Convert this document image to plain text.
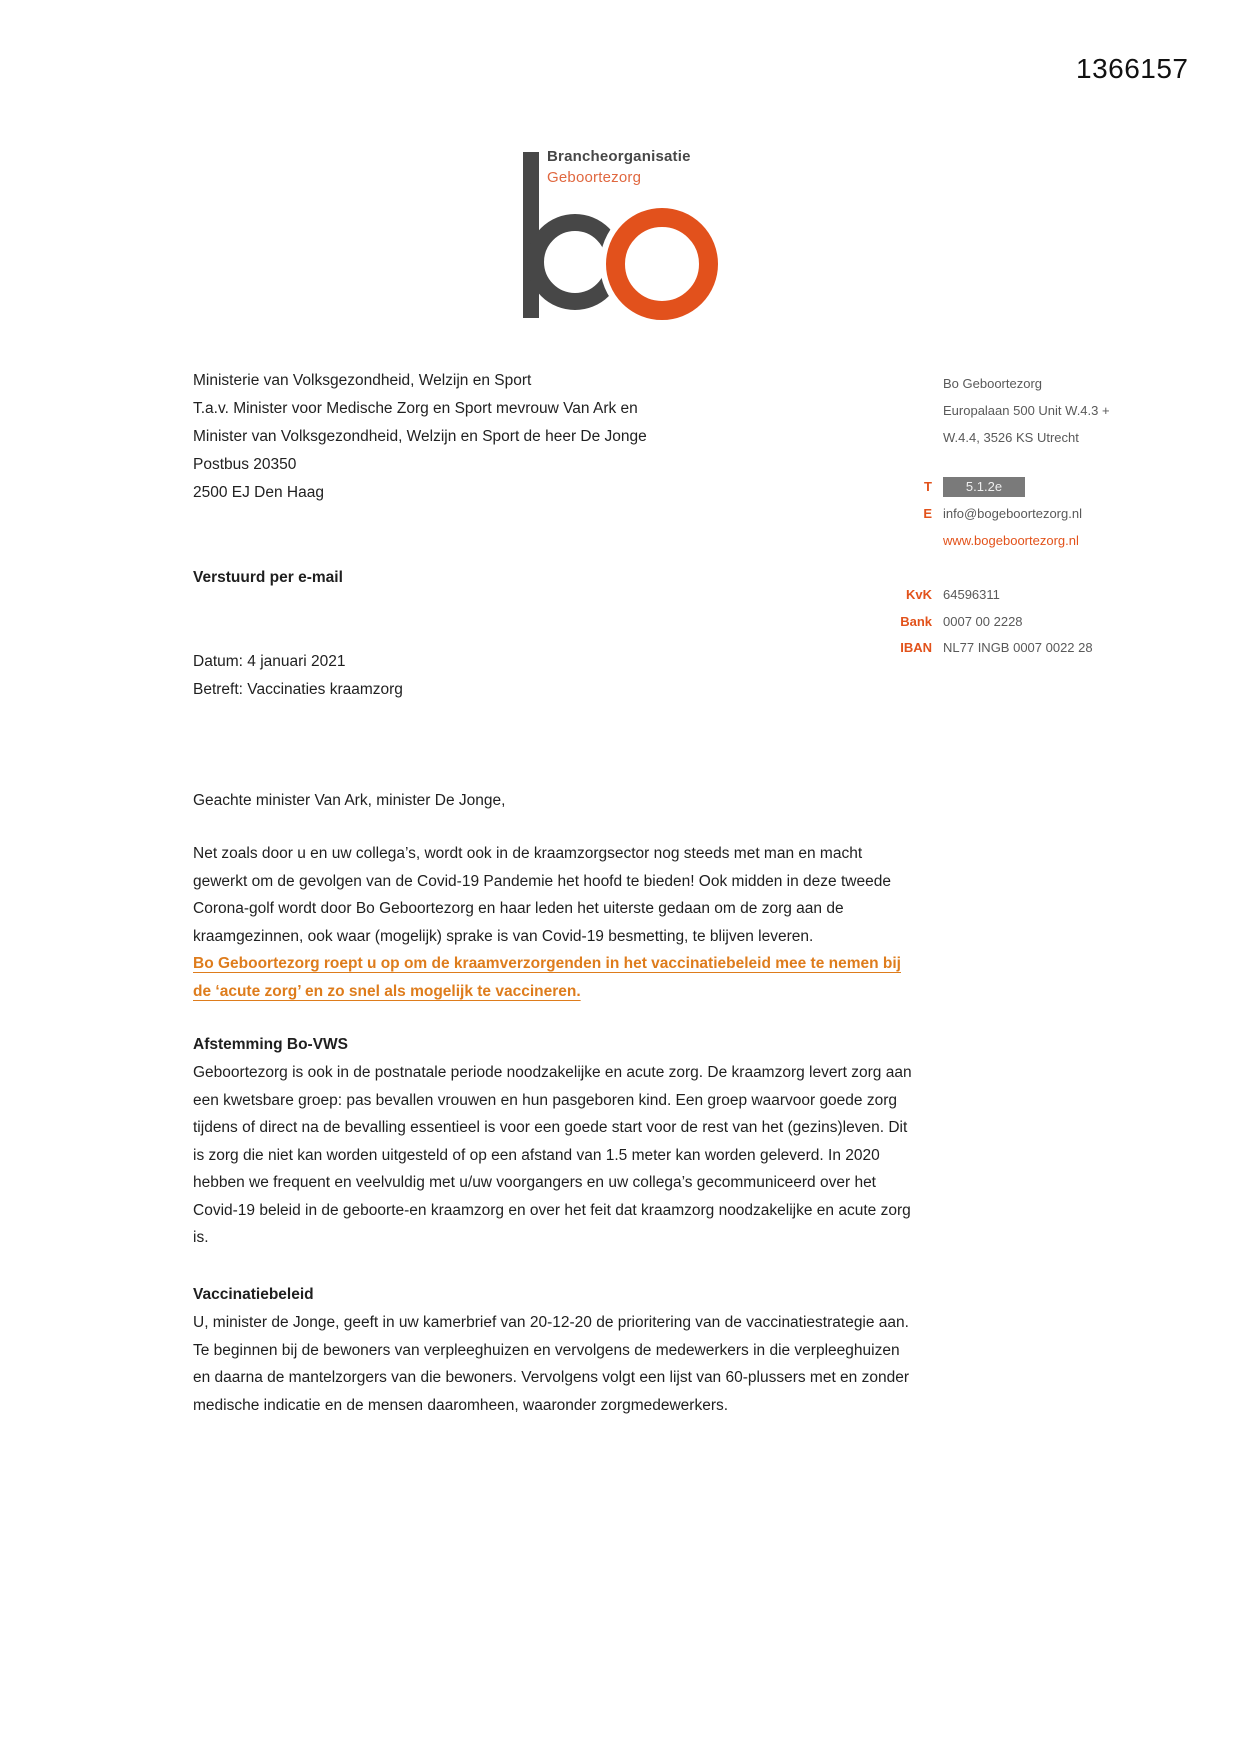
1366157
Brancheorganisatie
Geboortezorg
Ministerie van Volksgezondheid, Welzijn en Sport
T.a.v. Minister voor Medische Zorg en Sport mevrouw Van Ark en
Minister van Volksgezondheid, Welzijn en Sport de heer De Jonge
Postbus 20350
2500 EJ Den Haag
Bo Geboortezorg
Europalaan 500 Unit W.4.3 +
W.4.4, 3526 KS Utrecht
T	5.1.2e
E info@bogeboortezorg.nl
www.bogeboortezorg.nl
KvK 64596311
Bank 0007 00 2228
IBAN NL77 INGB 0007 0022 28
Verstuurd per e-mail
Datum: 4 januari 2021
Betreft: Vaccinaties kraamzorg
Geachte minister Van Ark, minister De Jonge,
Net zoals door u en uw collega’s, wordt ook in de kraamzorgsector nog steeds met man en macht gewerkt om de gevolgen van de Covid-19 Pandemie het hoofd te bieden! Ook midden in deze tweede Corona-golf wordt door Bo Geboortezorg en haar leden het uiterste gedaan om de zorg aan de kraamgezinnen, ook waar (mogelijk) sprake is van Covid-19 besmetting, te blijven leveren.
Bo Geboortezorg roept u op om de kraamverzorgenden in het vaccinatiebeleid mee te nemen bij de ‘acute zorg’ en zo snel als mogelijk te vaccineren.
Afstemming Bo-VWS
Geboortezorg is ook in de postnatale periode noodzakelijke en acute zorg. De kraamzorg levert zorg aan een kwetsbare groep: pas bevallen vrouwen en hun pasgeboren kind. Een groep waarvoor goede zorg tijdens of direct na de bevalling essentieel is voor een goede start voor de rest van het (gezins)leven. Dit is zorg die niet kan worden uitgesteld of op een afstand van 1.5 meter kan worden geleverd. In 2020 hebben we frequent en veelvuldig met u/uw voorgangers en uw collega’s gecommuniceerd over het Covid-19 beleid in de geboorte-en kraamzorg en over het feit dat kraamzorg noodzakelijke en acute zorg is.
Vaccinatiebeleid
U, minister de Jonge, geeft in uw kamerbrief van 20-12-20 de prioritering van de vaccinatiestrategie aan. Te beginnen bij de bewoners van verpleeghuizen en vervolgens de medewerkers in die verpleeghuizen en daarna de mantelzorgers van die bewoners. Vervolgens volgt een lijst van 60-plussers met en zonder medische indicatie en de mensen daaromheen, waaronder zorgmedewerkers.
